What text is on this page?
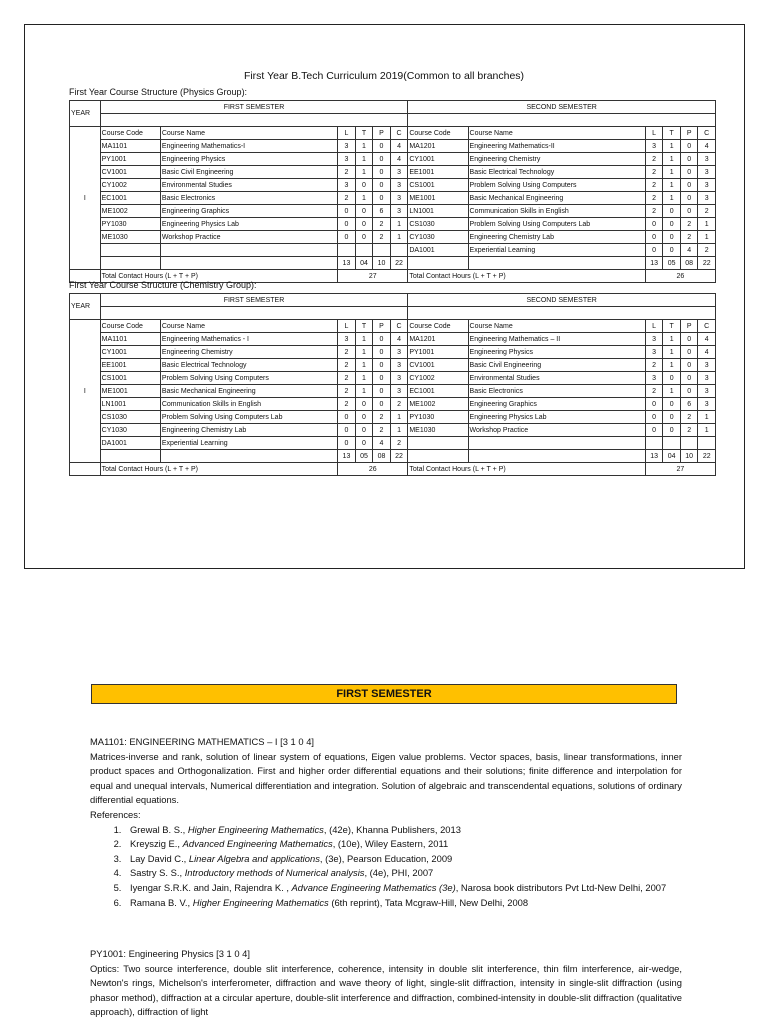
First Year B.Tech Curriculum 2019(Common to all branches)
First Year Course Structure (Physics Group):
YEAR	FIRST SEMESTER						SECOND SEMESTER					

I	Course Code	Course Name	L	T	P	C	Course Code	Course Name	L	T	P	C
	MA1101	Engineering Mathematics-I	3	1	0	4	MA1201	Engineering Mathematics-II	3	1	0	4
	PY1001	Engineering Physics	3	1	0	4	CY1001	Engineering Chemistry	2	1	0	3
	CV1001	Basic Civil Engineering	2	1	0	3	EE1001	Basic Electrical Technology	2	1	0	3
	CY1002	Environmental Studies	3	0	0	3	CS1001	Problem Solving Using Computers	2	1	0	3
	EC1001	Basic Electronics	2	1	0	3	ME1001	Basic Mechanical Engineering	2	1	0	3
	ME1002	Engineering Graphics	0	0	6	3	LN1001	Communication Skills in English	2	0	0	2
	PY1030	Engineering Physics Lab	0	0	2	1	CS1030	Problem Solving Using Computers Lab	0	0	2	1
	ME1030	Workshop Practice	0	0	2	1	CY1030	Engineering Chemistry Lab	0	0	2	1
							DA1001	Experiential Learning	0	0	4	2
			13	04	10	22			13	05	08	22
	Total Contact Hours (L + T + P)		27				Total Contact Hours (L + T + P)		26			
First Year Course Structure (Chemistry Group):
YEAR	FIRST SEMESTER						SECOND SEMESTER					

I	Course Code	Course Name	L	T	P	C	Course Code	Course Name	L	T	P	C
	MA1101	Engineering Mathematics - I	3	1	0	4	MA1201	Engineering Mathematics – II	3	1	0	4
	CY1001	Engineering Chemistry	2	1	0	3	PY1001	Engineering Physics	3	1	0	4
	EE1001	Basic Electrical Technology	2	1	0	3	CV1001	Basic Civil Engineering	2	1	0	3
	CS1001	Problem Solving Using Computers	2	1	0	3	CY1002	Environmental Studies	3	0	0	3
	ME1001	Basic Mechanical Engineering	2	1	0	3	EC1001	Basic Electronics	2	1	0	3
	LN1001	Communication Skills in English	2	0	0	2	ME1002	Engineering Graphics	0	0	6	3
	CS1030	Problem Solving Using Computers Lab	0	0	2	1	PY1030	Engineering Physics Lab	0	0	2	1
	CY1030	Engineering Chemistry Lab	0	0	2	1	ME1030	Workshop Practice	0	0	2	1
	DA1001	Experiential Learning	0	0	4	2						
			13	05	08	22			13	04	10	22
	Total Contact Hours (L + T + P)		26				Total Contact Hours (L + T + P)		27			
FIRST SEMESTER
MA1101: ENGINEERING MATHEMATICS – I [3 1 0 4]
Matrices-inverse and rank, solution of linear system of equations, Eigen value problems. Vector spaces, basis, linear transformations, inner product spaces and Orthogonalization. First and higher order differential equations and their solutions; finite difference and interpolation for equal and unequal intervals, Numerical differentiation and integration. Solution of algebraic and transcendental equations, solutions of ordinary differential equations.
References:
1. Grewal B. S., Higher Engineering Mathematics, (42e), Khanna Publishers, 2013
2. Kreyszig E., Advanced Engineering Mathematics, (10e), Wiley Eastern, 2011
3. Lay David C., Linear Algebra and applications, (3e), Pearson Education, 2009
4. Sastry S. S., Introductory methods of Numerical analysis, (4e), PHI, 2007
5. Iyengar S.R.K. and Jain, Rajendra K. , Advance Engineering Mathematics (3e), Narosa book distributors Pvt Ltd-New Delhi, 2007
6. Ramana B. V., Higher Engineering Mathematics (6th reprint), Tata Mcgraw-Hill, New Delhi, 2008
PY1001: Engineering Physics [3 1 0 4]
Optics: Two source interference, double slit interference, coherence, intensity in double slit interference, thin film interference, air-wedge, Newton's rings, Michelson's interferometer, diffraction and wave theory of light, single-slit diffraction, intensity in single-slit diffraction (using phasor method), diffraction at a circular aperture, double-slit interference and diffraction, combined-intensity in double-slit diffraction (qualitative approach), diffraction of light
